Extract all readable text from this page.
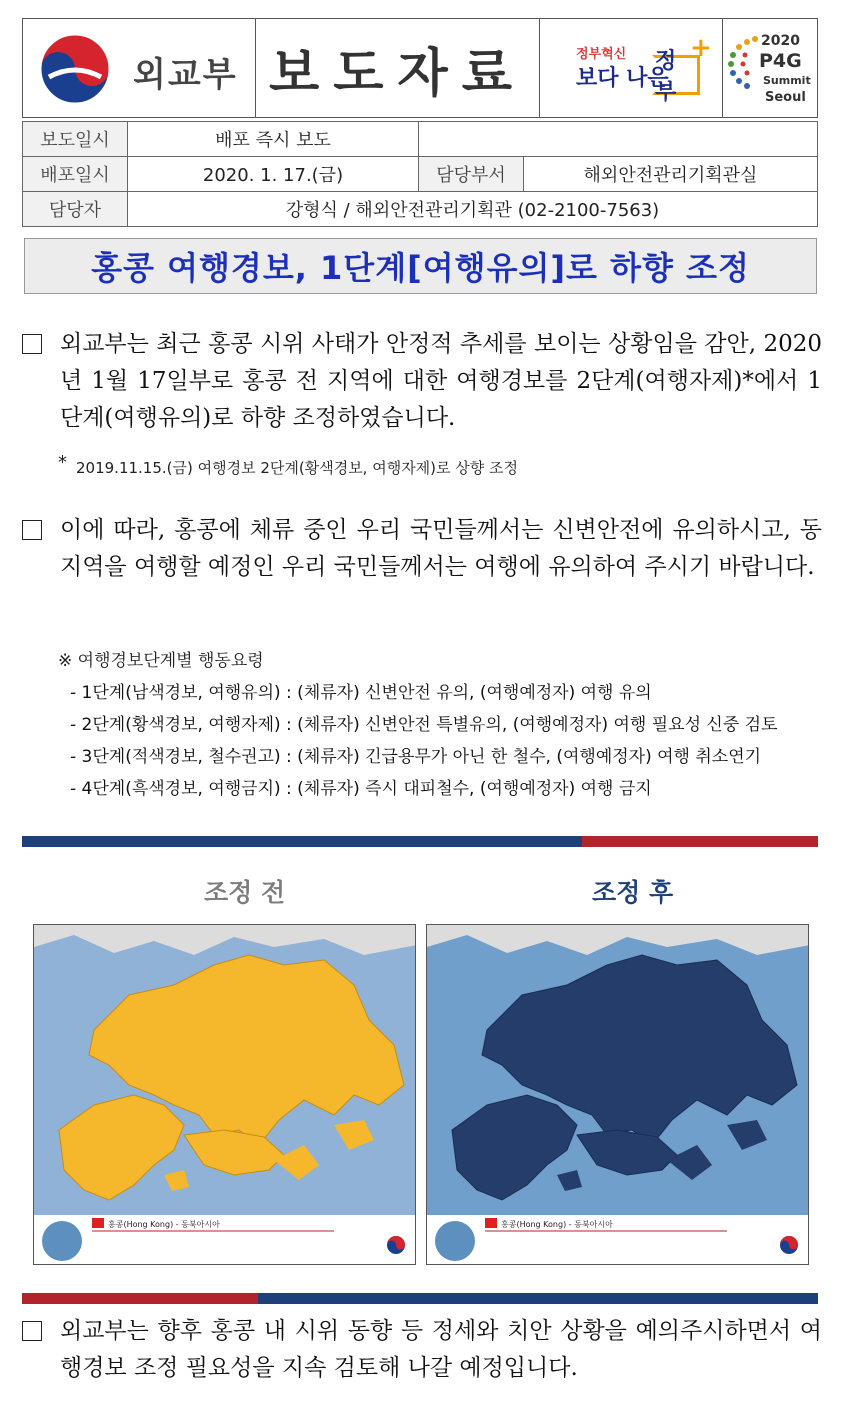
외교부 보도자료	정부혁신
보다 나은
정부
+	2020
P4G
Summit
Seoul
보도일시	배포 즉시 보도		
배포일시	2020. 1. 17.(금)	담당부서	해외안전관리기획관실
담당자	강형식 / 해외안전관리기획관 (02-2100-7563)		
홍콩 여행경보, 1단계[여행유의]로 하향 조정
외교부는 최근 홍콩 시위 사태가 안정적 추세를 보이는 상황임을 감안, 2020년 1월 17일부로 홍콩 전 지역에 대한 여행경보를 2단계(여행자제)*에서 1단계(여행유의)로 하향 조정하였습니다.
* 2019.11.15.(금) 여행경보 2단계(황색경보, 여행자제)로 상향 조정
이에 따라, 홍콩에 체류 중인 우리 국민들께서는 신변안전에 유의하시고, 동 지역을 여행할 예정인 우리 국민들께서는 여행에 유의하여 주시기 바랍니다.
※ 여행경보단계별 행동요령
- 1단계(남색경보, 여행유의) : (체류자) 신변안전 유의, (여행예정자) 여행 유의
- 2단계(황색경보, 여행자제) : (체류자) 신변안전 특별유의, (여행예정자) 여행 필요성 신중 검토
- 3단계(적색경보, 철수권고) : (체류자) 긴급용무가 아닌 한 철수, (여행예정자) 여행 취소연기
- 4단계(흑색경보, 여행금지) : (체류자) 즉시 대피철수, (여행예정자) 여행 금지
조정 전	조정 후
홍콩(Hong Kong) - 동북아시아	홍콩(Hong Kong) - 동북아시아
외교부는 향후 홍콩 내 시위 동향 등 정세와 치안 상황을 예의주시하면서 여행경보 조정 필요성을 지속 검토해 나갈 예정입니다.
